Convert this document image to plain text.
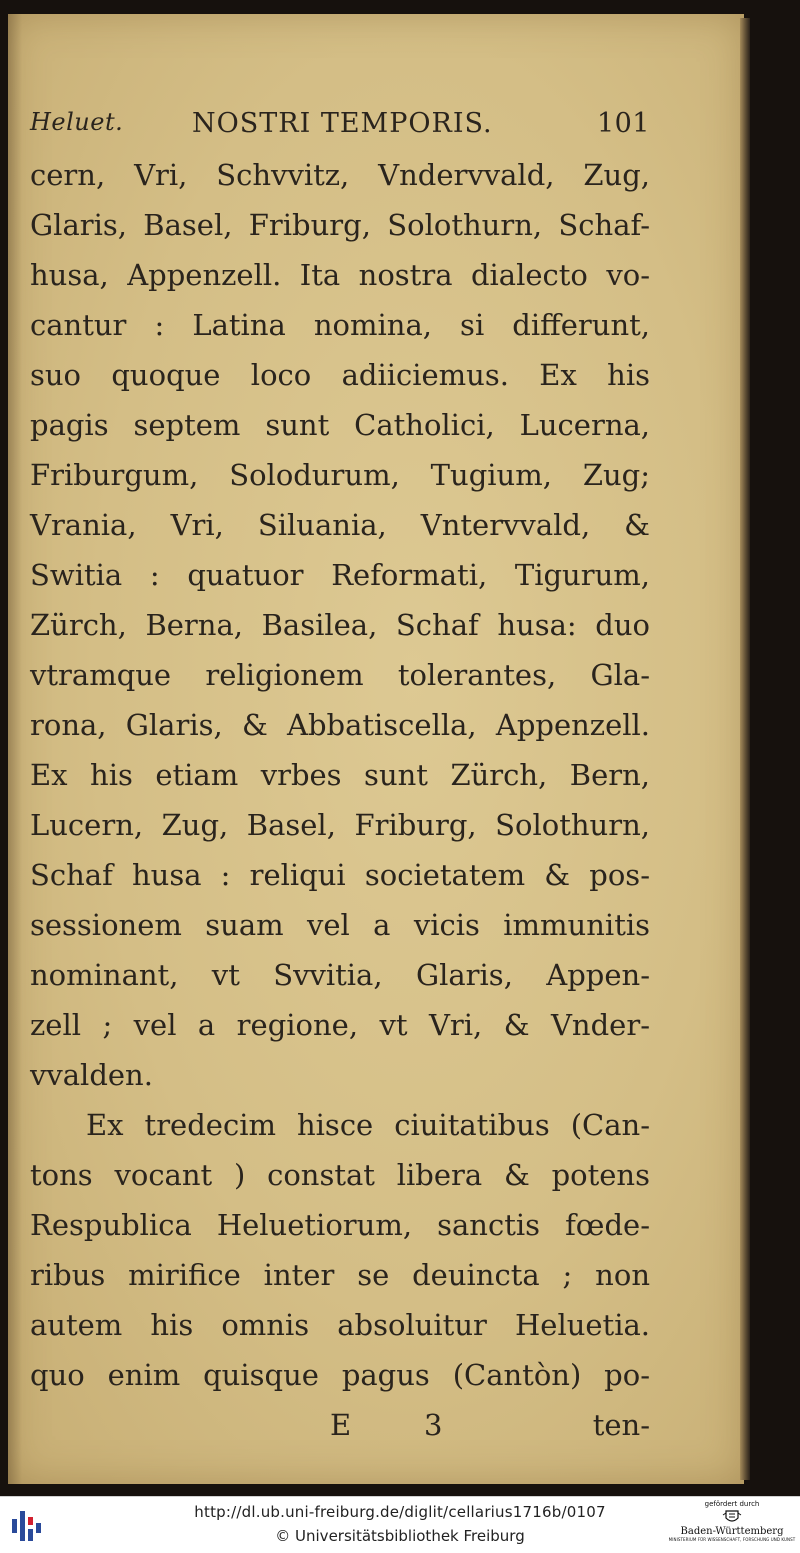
Heluet.	NOSTRI TEMPORIS.	101
cern, Vri, Schvvitz, Vndervvald, Zug,
Glaris, Basel, Friburg, Solothurn, Schaf-
husa, Appenzell. Ita nostra dialecto vo-
cantur : Latina nomina, si differunt,
suo quoque loco adiiciemus. Ex his
pagis septem sunt Catholici, Lucerna,
Friburgum, Solodurum, Tugium, Zug;
Vrania, Vri, Siluania, Vntervvald, &
Switia : quatuor Reformati, Tigurum,
Zürch, Berna, Basilea, Schaf husa: duo
vtramque religionem tolerantes, Gla-
rona, Glaris, & Abbatiscella, Appenzell.
Ex his etiam vrbes sunt Zürch, Bern,
Lucern, Zug, Basel, Friburg, Solothurn,
Schaf husa : reliqui societatem & pos-
sessionem suam vel a vicis immunitis
nominant, vt Svvitia, Glaris, Appen-
zell ; vel a regione, vt Vri, & Vnder-
vvalden.
Ex tredecim hisce ciuitatibus (Can-
tons vocant ) constat libera & potens
Respublica Heluetiorum, sanctis fœde-
ribus mirifice inter se deuincta ; non
autem his omnis absoluitur Heluetia.
quo enim quisque pagus (Cantòn) po-
E	3	ten-
http://dl.ub.uni-freiburg.de/diglit/cellarius1716b/0107
© Universitätsbibliothek Freiburg
gefördert durch
Baden-Württemberg
MINISTERIUM FÜR WISSENSCHAFT, FORSCHUNG UND KUNST
